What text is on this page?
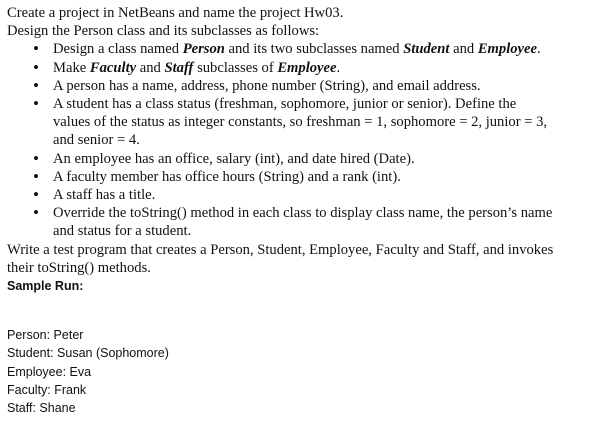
Create a project in NetBeans and name the project Hw03.
Design the Person class and its subclasses as follows:
• Design a class named Person and its two subclasses named Student and Employee.
• Make Faculty and Staff subclasses of Employee.
• A person has a name, address, phone number (String), and email address.
• A student has a class status (freshman, sophomore, junior or senior). Define the
values of the status as integer constants, so freshman = 1, sophomore = 2, junior = 3,
and senior = 4.
• An employee has an office, salary (int), and date hired (Date).
• A faculty member has office hours (String) and a rank (int).
• A staff has a title.
• Override the toString() method in each class to display class name, the person’s name
and status for a student.
Write a test program that creates a Person, Student, Employee, Faculty and Staff, and invokes
their toString() methods.
Sample Run:
Person: Peter
Student: Susan (Sophomore)
Employee: Eva
Faculty: Frank
Staff: Shane
